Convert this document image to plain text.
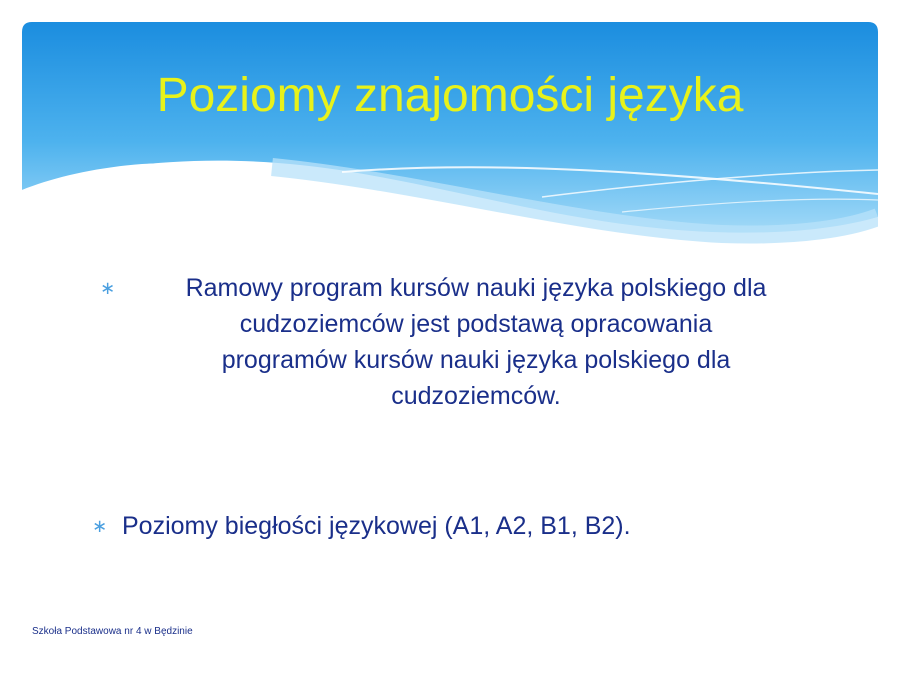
Poziomy znajomości języka
∗	Ramowy program kursów nauki języka polskiego dla
cudzoziemców jest podstawą opracowania
programów kursów nauki języka polskiego dla
cudzoziemców.
∗ Poziomy biegłości językowej (A1, A2, B1, B2).
Szkoła Podstawowa nr 4 w Będzinie
